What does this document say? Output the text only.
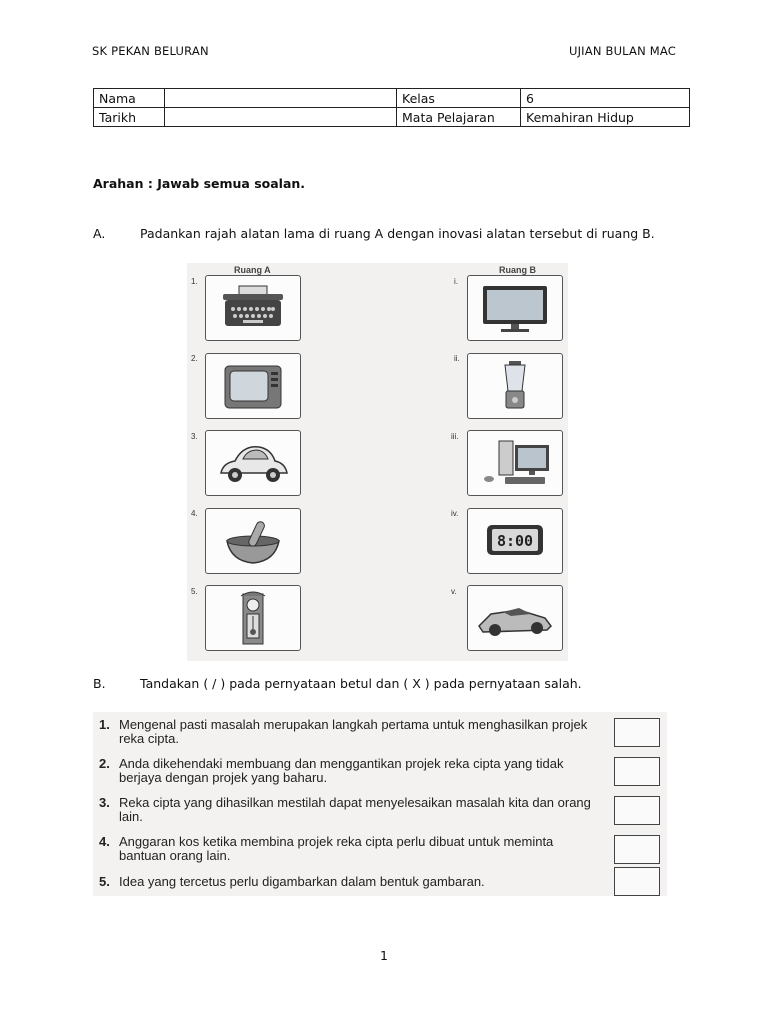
SK PEKAN BELURAN	UJIAN BULAN MAC
Nama		Kelas	6
Tarikh		Mata Pelajaran	Kemahiran Hidup
Arahan : Jawab semua soalan.
A.	Padankan rajah alatan lama di ruang A dengan inovasi alatan tersebut di ruang B.
Ruang A	Ruang B
1.
2.
3.
4.
5.
i.
ii.
iii.
iv.
8:00
v.
B.	Tandakan ( / ) pada pernyataan betul dan ( X ) pada pernyataan salah.
1. Mengenal pasti masalah merupakan langkah pertama untuk menghasilkan projek reka cipta.
2. Anda dikehendaki membuang dan menggantikan projek reka cipta yang tidak berjaya dengan projek yang baharu.
3. Reka cipta yang dihasilkan mestilah dapat menyelesaikan masalah kita dan orang lain.
4. Anggaran kos ketika membina projek reka cipta perlu dibuat untuk meminta bantuan orang lain.
5. Idea yang tercetus perlu digambarkan dalam bentuk gambaran.
1
